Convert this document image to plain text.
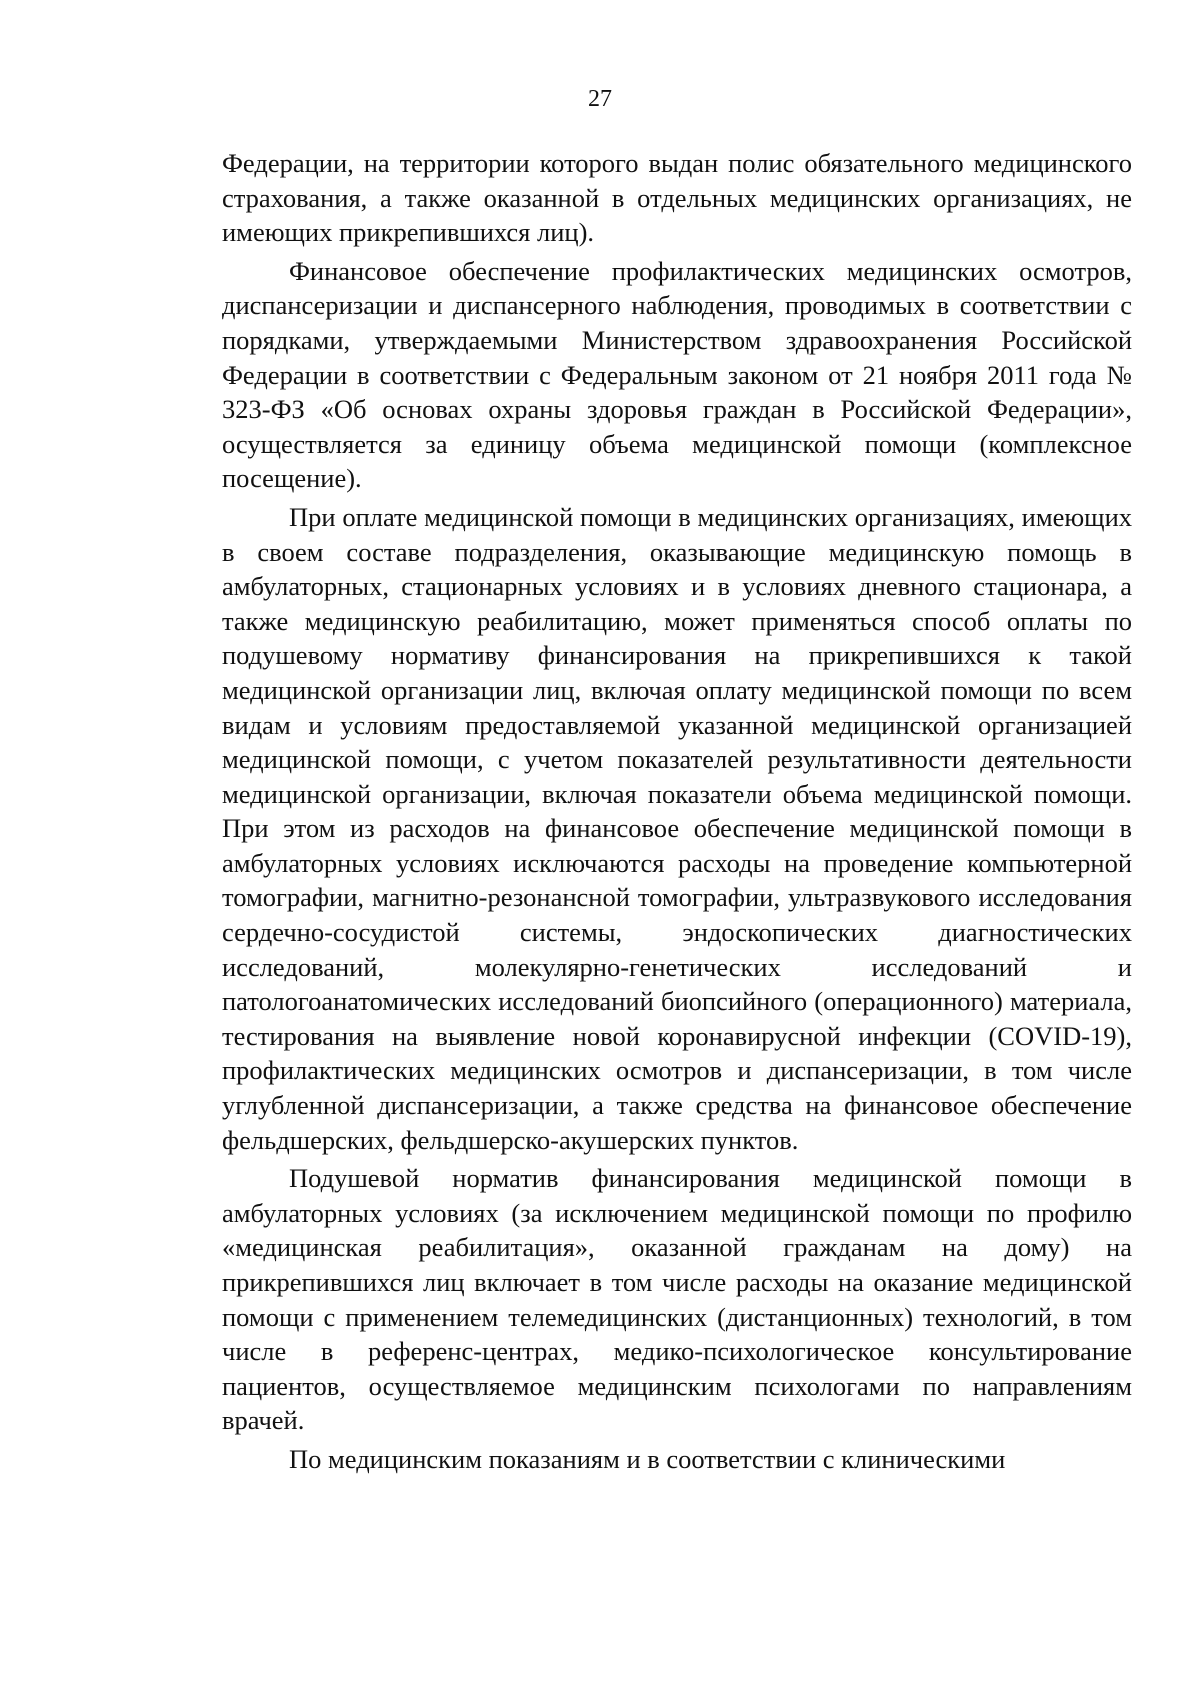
27

Федерации, на территории которого выдан полис обязательного медицинского страхования, а также оказанной в отдельных медицинских организациях, не имеющих прикрепившихся лиц).

Финансовое обеспечение профилактических медицинских осмотров, диспансеризации и диспансерного наблюдения, проводимых в соответствии с порядками, утверждаемыми Министерством здравоохранения Российской Федерации в соответствии с Федеральным законом от 21 ноября 2011 года № 323-ФЗ «Об основах охраны здоровья граждан в Российской Федерации», осуществляется за единицу объема медицинской помощи (комплексное посещение).

При оплате медицинской помощи в медицинских организациях, имеющих в своем составе подразделения, оказывающие медицинскую помощь в амбулаторных, стационарных условиях и в условиях дневного стационара, а также медицинскую реабилитацию, может применяться способ оплаты по подушевому нормативу финансирования на прикрепившихся к такой медицинской организации лиц, включая оплату медицинской помощи по всем видам и условиям предоставляемой указанной медицинской организацией медицинской помощи, с учетом показателей результативности деятельности медицинской организации, включая показатели объема медицинской помощи. При этом из расходов на финансовое обеспечение медицинской помощи в амбулаторных условиях исключаются расходы на проведение компьютерной томографии, магнитно-резонансной томографии, ультразвукового исследования сердечно-сосудистой системы, эндоскопических диагностических исследований, молекулярно-генетических исследований и патологоанатомических исследований биопсийного (операционного) материала, тестирования на выявление новой коронавирусной инфекции (COVID-19), профилактических медицинских осмотров и диспансеризации, в том числе углубленной диспансеризации, а также средства на финансовое обеспечение фельдшерских, фельдшерско-акушерских пунктов.

Подушевой норматив финансирования медицинской помощи в амбулаторных условиях (за исключением медицинской помощи по профилю «медицинская реабилитация», оказанной гражданам на дому) на прикрепившихся лиц включает в том числе расходы на оказание медицинской помощи с применением телемедицинских (дистанционных) технологий, в том числе в референс-центрах, медико-психологическое консультирование пациентов, осуществляемое медицинским психологами по направлениям врачей.

По медицинским показаниям и в соответствии с клиническими
